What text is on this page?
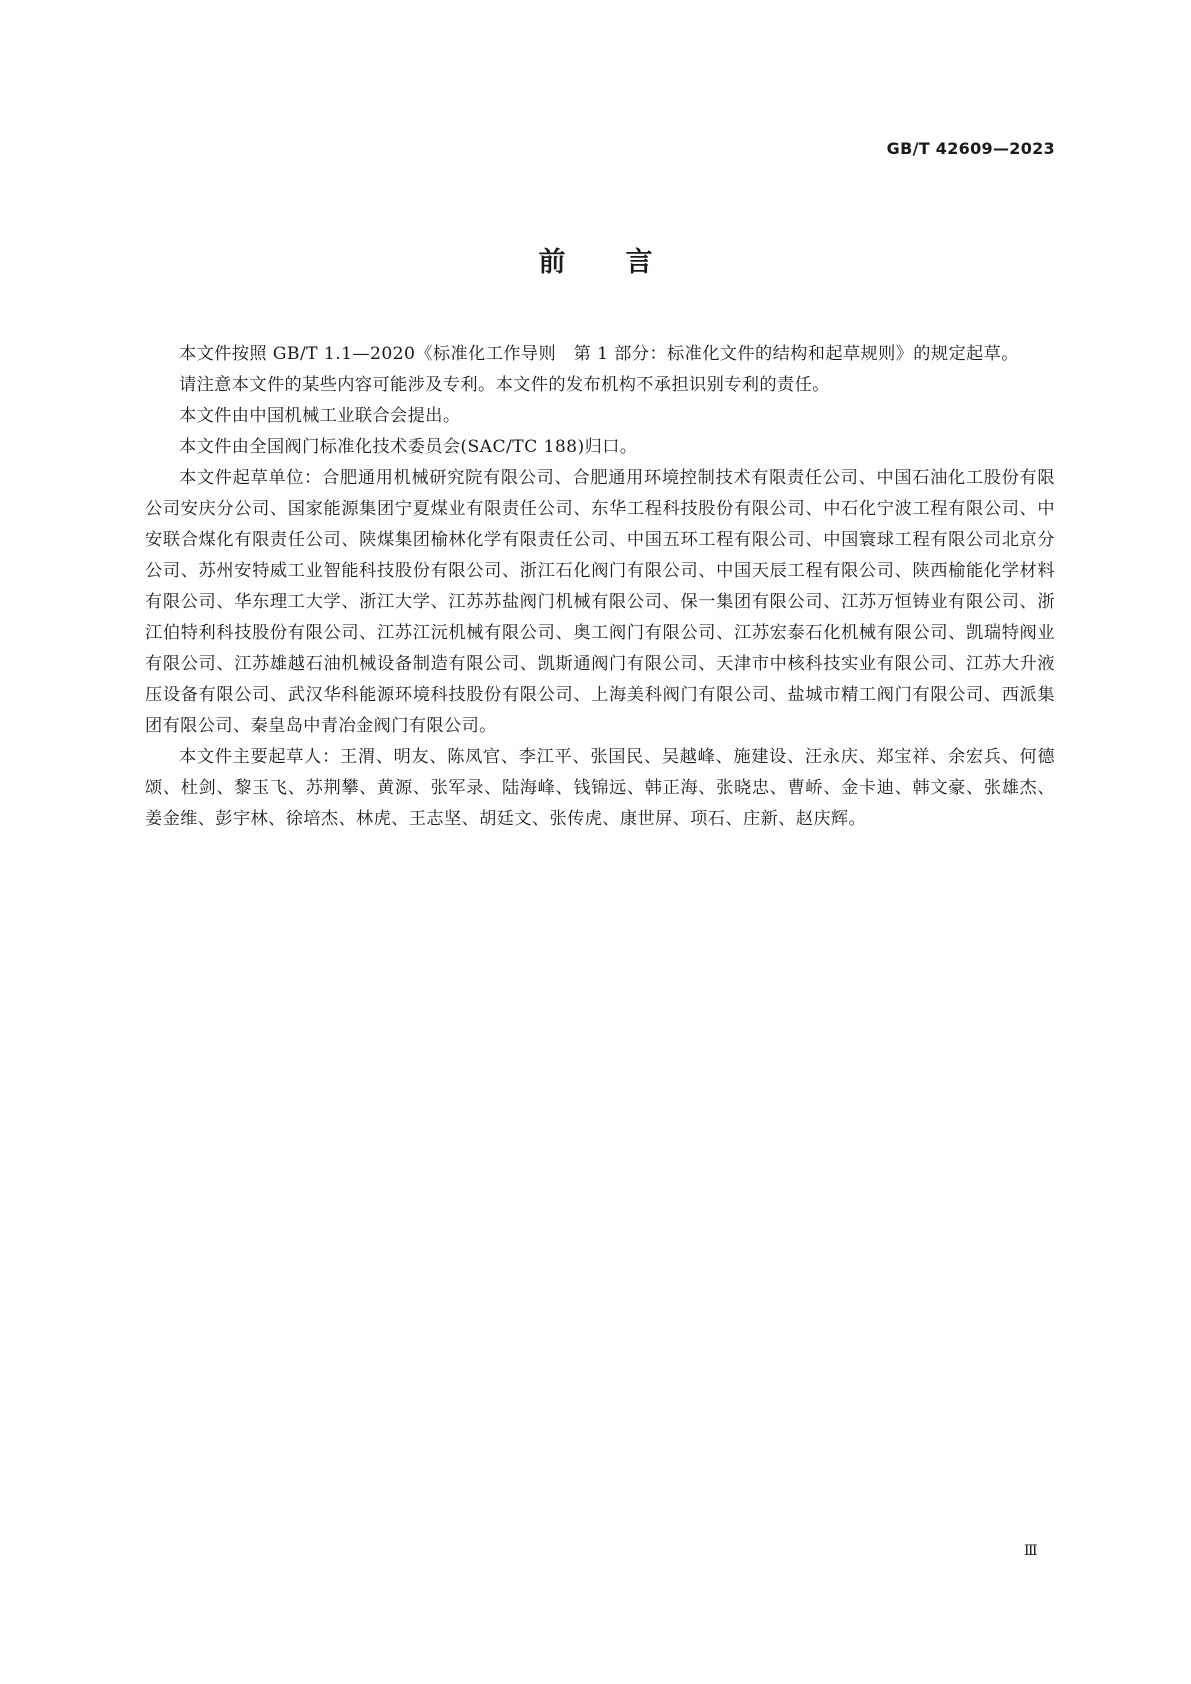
GB/T 42609—2023
前 言

本文件按照 GB/T 1.1—2020《标准化工作导则　第 1 部分：标准化文件的结构和起草规则》的规定起草。

请注意本文件的某些内容可能涉及专利。本文件的发布机构不承担识别专利的责任。

本文件由中国机械工业联合会提出。

本文件由全国阀门标准化技术委员会(SAC/TC 188)归口。

本文件起草单位：合肥通用机械研究院有限公司、合肥通用环境控制技术有限责任公司、中国石油化工股份有限公司安庆分公司、国家能源集团宁夏煤业有限责任公司、东华工程科技股份有限公司、中石化宁波工程有限公司、中安联合煤化有限责任公司、陕煤集团榆林化学有限责任公司、中国五环工程有限公司、中国寰球工程有限公司北京分公司、苏州安特威工业智能科技股份有限公司、浙江石化阀门有限公司、中国天辰工程有限公司、陕西榆能化学材料有限公司、华东理工大学、浙江大学、江苏苏盐阀门机械有限公司、保一集团有限公司、江苏万恒铸业有限公司、浙江伯特利科技股份有限公司、江苏江沅机械有限公司、奥工阀门有限公司、江苏宏泰石化机械有限公司、凯瑞特阀业有限公司、江苏雄越石油机械设备制造有限公司、凯斯通阀门有限公司、天津市中核科技实业有限公司、江苏大升液压设备有限公司、武汉华科能源环境科技股份有限公司、上海美科阀门有限公司、盐城市精工阀门有限公司、西派集团有限公司、秦皇岛中青冶金阀门有限公司。

本文件主要起草人：王渭、明友、陈凤官、李江平、张国民、吴越峰、施建设、汪永庆、郑宝祥、余宏兵、何德颂、杜剑、黎玉飞、苏荆攀、黄源、张军录、陆海峰、钱锦远、韩正海、张晓忠、曹峤、金卡迪、韩文豪、张雄杰、姜金维、彭宇林、徐培杰、林虎、王志坚、胡廷文、张传虎、康世屏、项石、庄新、赵庆辉。

Ⅲ
